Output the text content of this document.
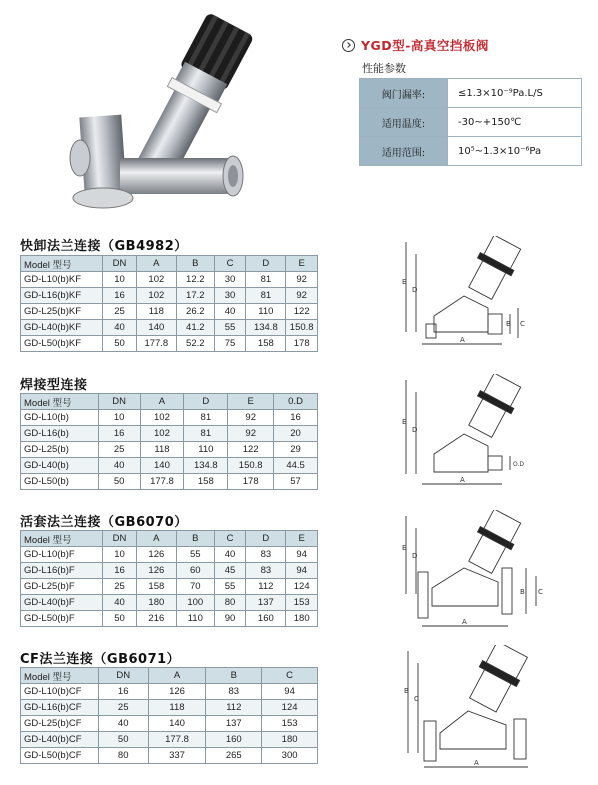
YGD型-高真空挡板阀
性能参数
阀门漏率:	≤1.3×10⁻⁹Pa.L/S
适用温度:	-30~+150℃
适用范围:	10⁵~1.3×10⁻⁶Pa
快卸法兰连接（GB4982）
焊接型连接
活套法兰连接（GB6070）
CF法兰连接（GB6071）
Model 型号	DN	A	B	C	D	E
GD-L10(b)KF	10	102	12.2	30	81	92
GD-L16(b)KF	16	102	17.2	30	81	92
GD-L25(b)KF	25	118	26.2	40	110	122
GD-L40(b)KF	40	140	41.2	55	134.8	150.8
GD-L50(b)KF	50	177.8	52.2	75	158	178
Model 型号	DN	A	D	E	0.D
GD-L10(b)	10	102	81	92	16
GD-L16(b)	16	102	81	92	20
GD-L25(b)	25	118	110	122	29
GD-L40(b)	40	140	134.8	150.8	44.5
GD-L50(b)	50	177.8	158	178	57
Model 型号	DN	A	B	C	D	E
GD-L10(b)F	10	126	55	40	83	94
GD-L16(b)F	16	126	60	45	83	94
GD-L25(b)F	25	158	70	55	112	124
GD-L40(b)F	40	180	100	80	137	153
GD-L50(b)F	50	216	110	90	160	180
Model 型号	DN	A	B	C
GD-L10(b)CF	16	126	83	94
GD-L16(b)CF	25	118	112	124
GD-L25(b)CF	40	140	137	153
GD-L40(b)CF	50	177.8	160	180
GD-L50(b)CF	80	337	265	300
E
D
A
B C
E
D
A
O.D
E
D
A
B C
B
C
A
